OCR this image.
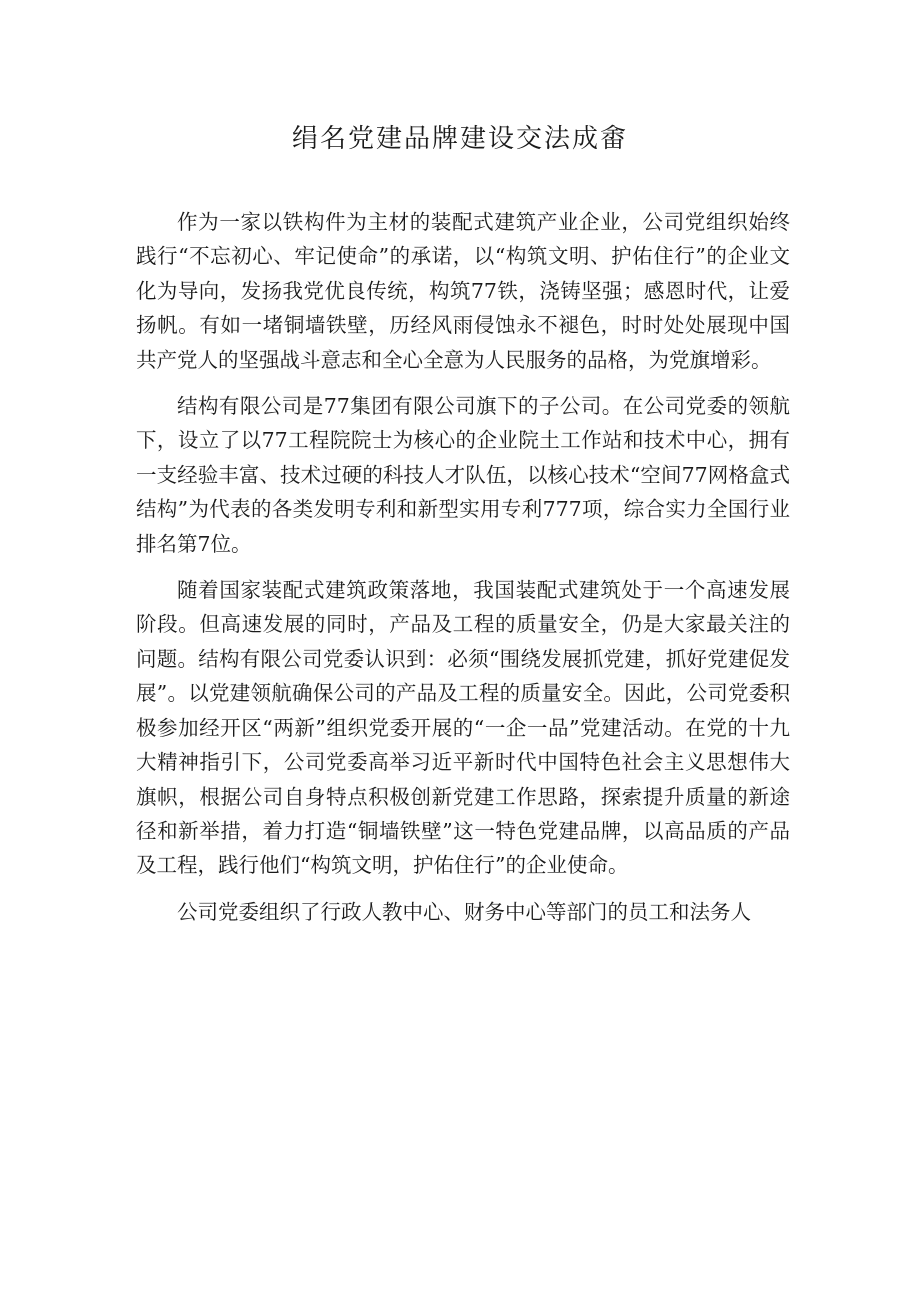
绢名党建品牌建设交法成畬

作为一家以铁构件为主材的装配式建筑产业企业，公司党组织始终践行“不忘初心、牢记使命”的承诺，以“构筑文明、护佑住行”的企业文化为导向，发扬我党优良传统，构筑77铁，浇铸坚强；感恩时代，让爱扬帆。有如一堵铜墙铁壁，历经风雨侵蚀永不褪色，时时处处展现中国共产党人的坚强战斗意志和全心全意为人民服务的品格，为党旗增彩。

结构有限公司是77集团有限公司旗下的子公司。在公司党委的领航下，设立了以77工程院院士为核心的企业院土工作站和技术中心，拥有一支经验丰富、技术过硬的科技人才队伍，以核心技术“空间77网格盒式结构”为代表的各类发明专利和新型实用专利777项，综合实力全国行业排名第7位。

随着国家装配式建筑政策落地，我国装配式建筑处于一个高速发展阶段。但高速发展的同时，产品及工程的质量安全，仍是大家最关注的问题。结构有限公司党委认识到：必须“围绕发展抓党建，抓好党建促发展”。以党建领航确保公司的产品及工程的质量安全。因此，公司党委积极参加经开区“两新”组织党委开展的“一企一品”党建活动。在党的十九大精神指引下，公司党委高举习近平新时代中国特色社会主义思想伟大旗帜，根据公司自身特点积极创新党建工作思路，探索提升质量的新途径和新举措，着力打造“铜墙铁壁”这一特色党建品牌，以高品质的产品及工程，践行他们“构筑文明，护佑住行”的企业使命。

公司党委组织了行政人教中心、财务中心等部门的员工和法务人
